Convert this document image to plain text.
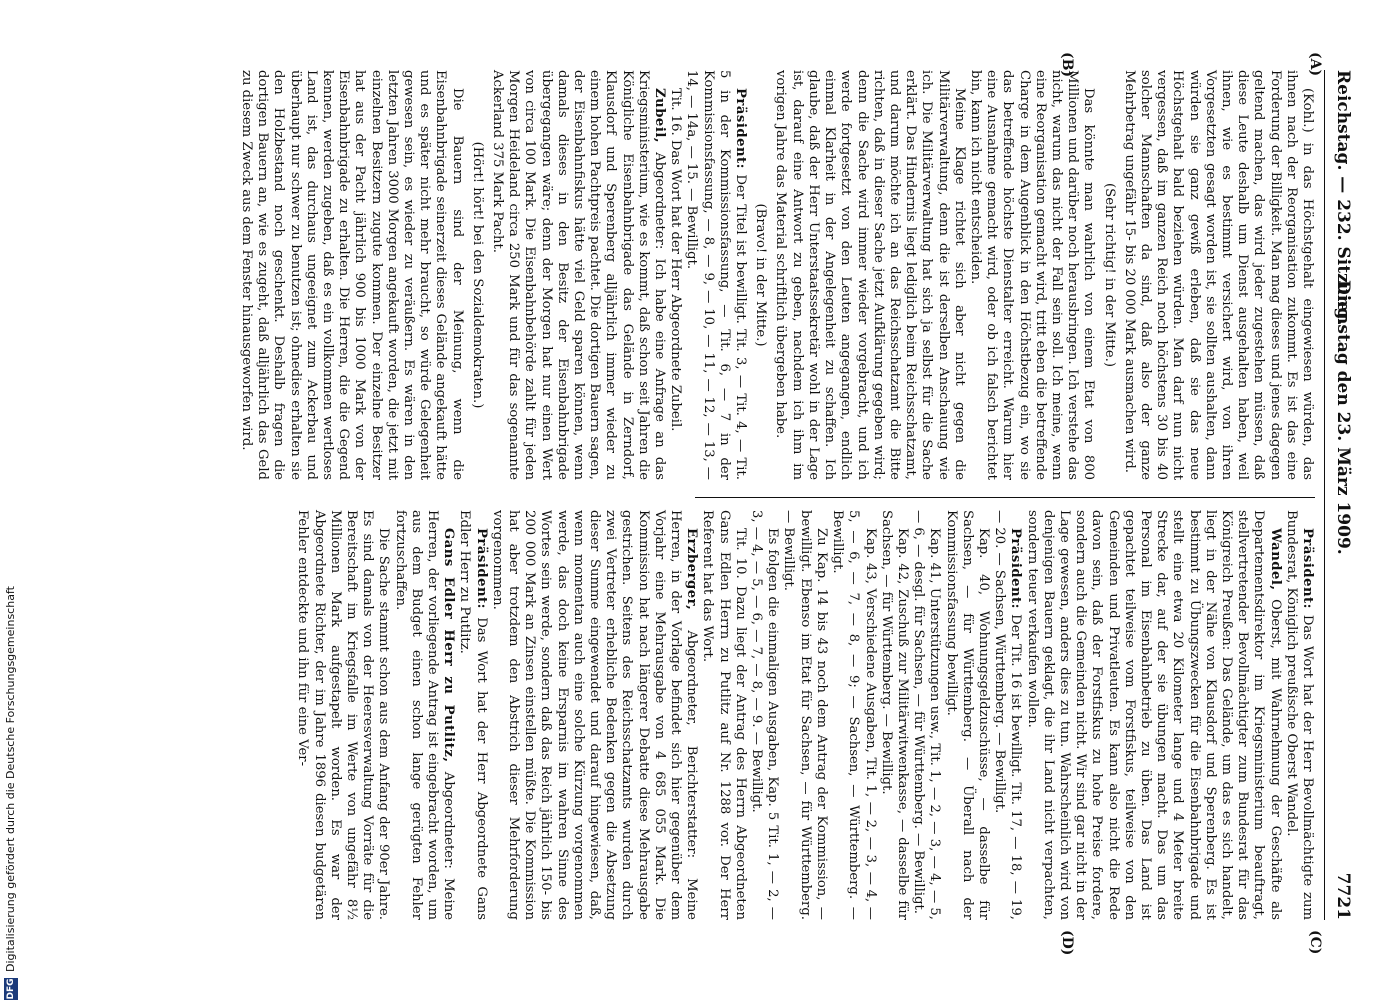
Reichstag. — 232. Sitzung.
Dienstag den 23. März 1909.
7721
(A)
(B)
(C)
(D)

(Kohl.) in das Höchstgehalt eingewiesen würden, das ihnen nach der Reorganisation zukommt. Es ist das eine Forderung der Billigkeit. Man mag dieses und jenes dagegen geltend machen, das wird jeder zugestehen müssen, daß diese Leute deshalb um Dienst ausgehalten haben, weil ihnen, wie es bestimmt versichert wird, von ihren Vorgesetzten gesagt worden ist, sie sollten aushalten, dann würden sie ganz gewiß erleben, daß sie das neue Höchstgehalt bald beziehen würden. Man darf nun nicht vergessen, daß im ganzen Reich noch höchstens 30 bis 40 solcher Mannschaften da sind, daß also der ganze Mehrbetrag ungefähr 15- bis 20 000 Mark ausmachen wird.

(Sehr richtig! in der Mitte.)

Das könnte man wahrlich von einem Etat von 800 Millionen und darüber noch herausbringen. Ich verstehe das nicht, warum das nicht der Fall sein soll. Ich meine, wenn eine Reorganisation gemacht wird, tritt eben die betreffende Charge in dem Augenblick in den Höchstbezug ein, wo sie das betreffende höchste Dienstalter erreicht. Warum hier eine Ausnahme gemacht wird, oder ob ich falsch berichtet bin, kann ich nicht entscheiden.

Meine Klage richtet sich aber nicht gegen die Militärverwaltung, denn die ist derselben Anschauung wie ich. Die Militärverwaltung hat sich ja selbst für die Sache erklärt. Das Hindernis liegt lediglich beim Reichsschatzamt, und darum möchte ich an das Reichsschatzamt die Bitte richten, daß in dieser Sache jetzt Aufklärung gegeben wird; denn die Sache wird immer wieder vorgebracht, und ich werde fortgesetzt von den Leuten angegangen, endlich einmal Klarheit in der Angelegenheit zu schaffen. Ich glaube, daß der Herr Unterstaatssekretär wohl in der Lage ist, darauf eine Antwort zu geben, nachdem ich ihm im vorigen Jahre das Material schriftlich übergeben habe.

(Bravo! in der Mitte.)

Präsident: Der Titel ist bewilligt. Tit. 3, — Tit. 4, — Tit. 5 in der Kommissionsfassung, — Tit. 6, — 7 in der Kommissionsfassung, — 8, — 9, — 10, — 11, — 12, — 13, — 14, — 14a, — 15. — Bewilligt.

Tit. 16. Das Wort hat der Herr Abgeordnete Zubeil.

Zubeil, Abgeordneter: Ich habe eine Anfrage an das Kriegsministerium, wie es kommt, daß schon seit Jahren die Königliche Eisenbahnbrigade das Gelände in Zerndorf, Klausdorf und Sperenberg alljährlich immer wieder zu einem hohen Pachtpreis pachtet. Die dortigen Bauern sagen, der Eisenbahnfiskus hätte viel Geld sparen können, wenn damals dieses in den Besitz der Eisenbahnbrigade übergegangen wäre; denn der Morgen hat nur einen Wert von circa 100 Mark. Die Eisenbahnbehörde zahlt für jeden Morgen Heideland circa 250 Mark und für das sogenannte Ackerland 375 Mark Pacht.

(Hört! hört! bei den Sozialdemokraten.)

Die Bauern sind der Meinung, wenn die Eisenbahnbrigade seinerzeit dieses Gelände angekauft hätte und es später nicht mehr braucht, so würde Gelegenheit gewesen sein, es wieder zu veräußern. Es wären in den letzten Jahren 3000 Morgen angekauft worden, die jetzt mit einzelnen Besitzern zugute kommen. Der einzelne Besitzer hat aus der Pacht jährlich 900 bis 1000 Mark von der Eisenbahnbrigade zu erhalten. Die Herren, die die Gegend kennen, werden zugeben, daß es ein vollkommen wertloses Land ist, das durchaus ungeeignet zum Ackerbau und überhaupt nur schwer zu benutzen ist; ohnedies erhalten sie den Holzbestand noch geschenkt. Deshalb fragen die dortigen Bauern an, wie es zugeht, daß alljährlich das Geld zu diesem Zweck aus dem Fenster hinausgeworfen wird.

Präsident: Das Wort hat der Herr Bevollmächtigte zum Bundesrat, Königlich preußische Oberst Wandel.

Wandel, Oberst, mit Wahrnehmung der Geschäfte als Departementsdirektor im Kriegsministerium beauftragt, stellvertretender Bevollmächtigter zum Bundesrat für das Königreich Preußen: Das Gelände, um das es sich handelt, liegt in der Nähe von Klausdorf und Sperenberg. Es ist bestimmt zu Übungszwecken für die Eisenbahnbrigade und stellt eine etwa 20 Kilometer lange und 4 Meter breite Strecke dar, auf der sie übungen macht. Das um das Personal im Eisenbahnbetrieb zu üben. Das Land ist gepachtet teilweise vom Forstfiskus, teilweise von den Gemeinden und Privatleuten. Es kann also nicht die Rede davon sein, daß der Forstfiskus zu hohe Preise fordere, sondern auch die Gemeinden nicht. Wir sind gar nicht in der Lage gewesen, anders dies zu tun. Wahrscheinlich wird von denjenigen Bauern geklagt, die ihr Land nicht verpachten, sondern teuer verkaufen wollen.

Präsident: Der Tit. 16 ist bewilligt. Tit. 17, — 18, — 19, — 20. — Sachsen, Württemberg. — Bewilligt.

Kap. 40, Wohnungsgeldzuschüsse, — dasselbe für Sachsen, — für Württemberg. — Überall nach der Kommissionsfassung bewilligt.

Kap. 41, Unterstützungen usw., Tit. 1, — 2, — 3, — 4, — 5, — 6, — desgl. für Sachsen, — für Württemberg. — Bewilligt.

Kap. 42, Zuschuß zur Militärwitwenkasse, — dasselbe für Sachsen, — für Württemberg. — Bewilligt.

Kap. 43, Verschiedene Ausgaben, Tit. 1, — 2, — 3, — 4, — 5, — 6, — 7, — 8, — 9; — Sachsen, — Württemberg. — Bewilligt.

Zu Kap. 14 bis 43 noch dem Antrag der Kommission, — bewilligt. Ebenso im Etat für Sachsen, — für Württemberg. — Bewilligt.

Es folgen die einmaligen Ausgaben, Kap. 5 Tit. 1, — 2, — 3, — 4, — 5, — 6, — 7, — 8, — 9. — Bewilligt.

Tit. 10. Dazu liegt der Antrag des Herrn Abgeordneten Gans Edlen Herrn zu Putlitz auf Nr. 1288 vor. Der Herr Referent hat das Wort.

Erzberger, Abgeordneter, Berichterstatter: Meine Herren, in der Vorlage befindet sich hier gegenüber dem Vorjahr eine Mehrausgabe von 4 685 055 Mark. Die Kommission hat nach längerer Debatte diese Mehrausgabe gestrichen. Seitens des Reichsschatzamts wurden durch zwei Vertreter erhebliche Bedenken gegen die Absetzung dieser Summe eingewendet und darauf hingewiesen, daß, wenn momentan auch eine solche Kürzung vorgenommen werde, das doch keine Ersparnis im wahren Sinne des Wortes sein werde, sondern daß das Reich jährlich 150- bis 200 000 Mark an Zinsen einstellen müßte. Die Kommission hat aber trotzdem den Abstrich dieser Mehrforderung vorgenommen.

Präsident: Das Wort hat der Herr Abgeordnete Gans Edler Herr zu Putlitz.

Gans Edler Herr zu Putlitz, Abgeordneter: Meine Herren, der vorliegende Antrag ist eingebracht worden, um aus dem Budget einen schon lange gerügten Fehler fortzuschaffen.

Die Sache stammt schon aus dem Anfang der 90er Jahre. Es sind damals von der Heeresverwaltung Vorräte für die Bereitschaft im Kriegsfalle im Werte von ungefähr 8½ Millionen Mark aufgestapelt worden. Es war der Abgeordnete Richter, der im Jahre 1896 diesen budgetären Fehler entdeckte und ihn für eine Ver-

DFG
Digitalisierung gefördert durch die Deutsche Forschungsgemeinschaft
